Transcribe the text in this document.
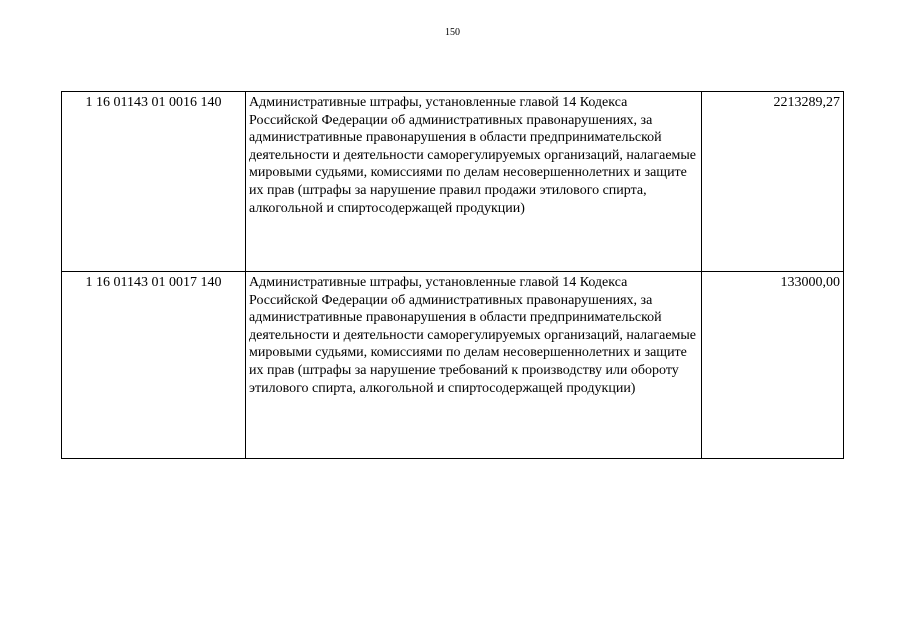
150
1 16 01143 01 0016 140	Административные штрафы, установленные главой 14 Кодекса Российской Федерации об административных правонарушениях, за административные правонарушения в области предпринимательской деятельности и деятельности саморегулируемых организаций, налагаемые мировыми судьями, комиссиями по делам несовершеннолетних и защите их прав (штрафы за нарушение правил продажи этилового спирта, алкогольной и спиртосодержащей продукции)	2213289,27
1 16 01143 01 0017 140	Административные штрафы, установленные главой 14 Кодекса Российской Федерации об административных правонарушениях, за административные правонарушения в области предпринимательской деятельности и деятельности саморегулируемых организаций, налагаемые мировыми судьями, комиссиями по делам несовершеннолетних и защите их прав (штрафы за нарушение требований к производству или обороту этилового спирта, алкогольной и спиртосодержащей продукции)	133000,00
